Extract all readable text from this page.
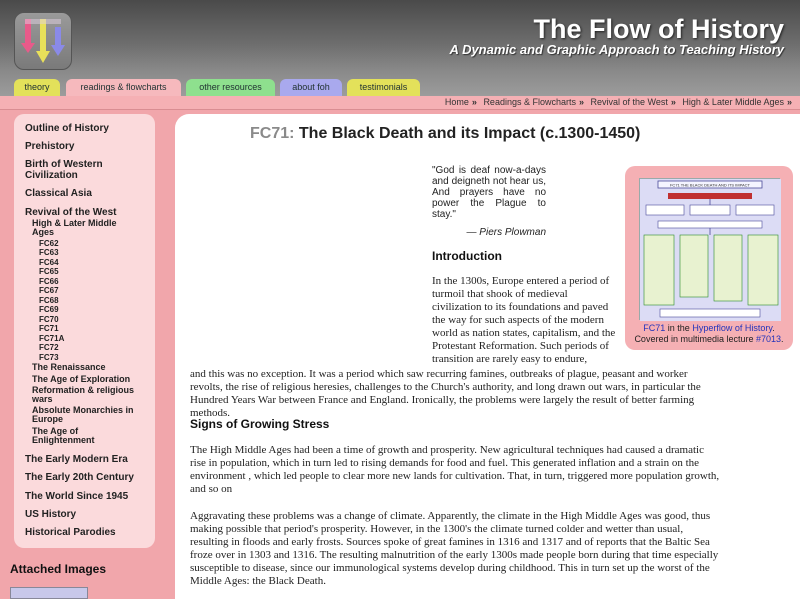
The Flow of History
A Dynamic and Graphic Approach to Teaching History
theory	readings & flowcharts	other resources	about foh	testimonials
Home » Readings & Flowcharts » Revival of the West » High & Later Middle Ages »
Outline of History
Prehistory
Birth of Western Civilization
Classical Asia
Revival of the West
High & Later Middle Ages
FC62
FC63
FC64
FC65
FC66
FC67
FC68
FC69
FC70
FC71
FC71A
FC72
FC73
The Renaissance
The Age of Exploration
Reformation & religious wars
Absolute Monarchies in Europe
The Age of Enlightenment
The Early Modern Era
The Early 20th Century
The World Since 1945
US History
Historical Parodies
Attached Images
FC71: The Black Death and its Impact (c.1300-1450)
"God is deaf now-a-days and deigneth not hear us, And prayers have no power the Plague to stay."
— Piers Plowman
Introduction
In the 1300s, Europe entered a period of turmoil that shook of medieval civilization to its foundations and paved the way for such aspects of the modern world as nation states, capitalism, and the Protestant Reformation. Such periods of transition are rarely easy to endure,
and this was no exception. It was a period which saw recurring famines, outbreaks of plague, peasant and worker revolts, the rise of religious heresies, challenges to the Church's authority, and long drawn out wars, in particular the Hundred Years War between France and England. Ironically, the problems were largely the result of better farming methods.
Signs of Growing Stress
The High Middle Ages had been a time of growth and prosperity. New agricultural techniques had caused a dramatic rise in population, which in turn led to rising demands for food and fuel. This generated inflation and a strain on the environment , which led people to clear more new lands for cultivation. That, in turn, triggered more population growth, and so on
Aggravating these problems was a change of climate. Apparently, the climate in the High Middle Ages was good, thus making possible that period's prosperity. However, in the 1300's the climate turned colder and wetter than usual, resulting in floods and early frosts. Sources spoke of great famines in 1316 and 1317 and of reports that the Baltic Sea froze over in 1303 and 1316. The resulting malnutrition of the early 1300s made people born during that time especially susceptible to disease, since our immunological systems develop during childhood. This in turn set up the worst of the Middle Ages: the Black Death.
FC71 THE BLACK DEATH AND ITS IMPACT
FC71 in the Hyperflow of History.
Covered in multimedia lecture #7013.
